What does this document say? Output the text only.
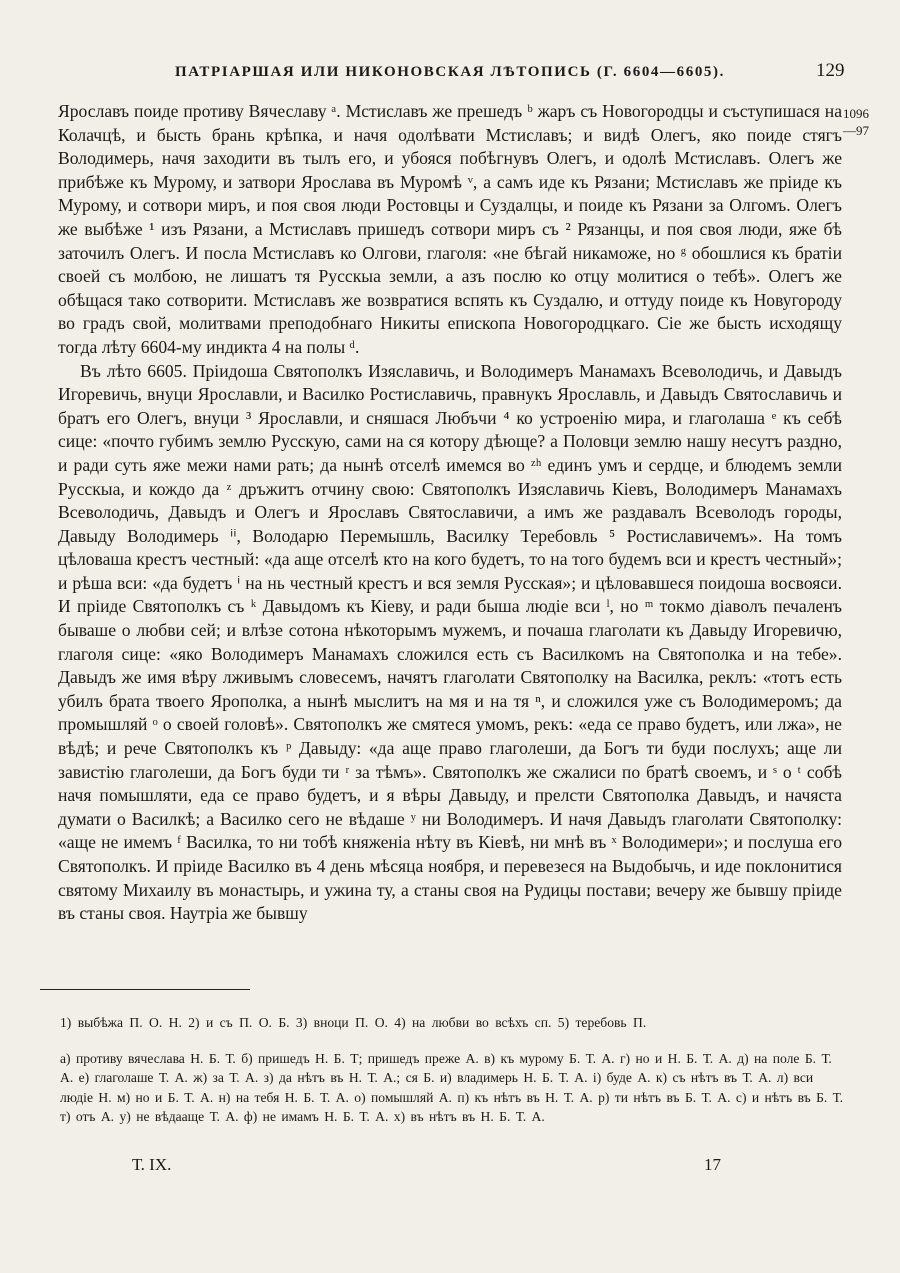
ПАТРІАРШАЯ ИЛИ НИКОНОВСКАЯ ЛѢТОПИСЬ (Г. 6604—6605).	129
1096
—97

Ярославъ поиде противу Вячеславу ᵃ. Мстиславъ же прешедъ ᵇ жаръ съ Новогородцы и съступишася на Колачцѣ, и бысть брань крѣпка, и начя одолѣвати Мстиславъ; и видѣ Олегъ, яко поиде стягъ Володимерь, начя заходити въ тылъ его, и убояся побѣгнувъ Олегъ, и одолѣ Мстиславъ. Олегъ же прибѣже къ Мурому, и затвори Ярослава въ Муромѣ ᵛ, а самъ иде къ Рязани; Мстиславъ же пріиде къ Мурому, и сотвори миръ, и поя своя люди Ростовцы и Суздалцы, и поиде къ Рязани за Олгомъ. Олегъ же выбѣже ¹ изъ Рязани, а Мстиславъ пришедъ сотвори миръ съ ² Рязанцы, и поя своя люди, яже бѣ заточилъ Олегъ. И посла Мстиславъ ко Олгови, глаголя: «не бѣгай никаможе, но ᵍ обошлися къ братіи своей съ молбою, не лишатъ тя Русскыа земли, а азъ послю ко отцу молитися о тебѣ». Олегъ же обѣщася тако сотворити. Мстиславъ же возвратися вспять къ Суздалю, и оттуду поиде къ Новугороду во градъ свой, молитвами преподобнаго Никиты епископа Новогородцкаго. Сіе же бысть исходящу тогда лѣту 6604-му индикта 4 на полы ᵈ.

Въ лѣто 6605. Пріидоша Святополкъ Изяславичь, и Володимеръ Манамахъ Всеволодичь, и Давыдъ Игоревичь, внуци Ярославли, и Василко Ростиславичь, правнукъ Ярославль, и Давыдъ Святославичь и братъ его Олегъ, внуци ³ Ярославли, и сняшася Любъчи ⁴ ко устроенію мира, и глаголаша ᵉ къ себѣ сице: «почто губимъ землю Русскую, сами на ся котору дѣюще? а Половци землю нашу несутъ раздно, и ради суть яже межи нами рать; да нынѣ отселѣ имемся во ᶻʰ единъ умъ и сердце, и блюдемъ земли Русскыа, и кождо да ᶻ дръжитъ отчину свою: Святополкъ Изяславичь Кіевъ, Володимеръ Манамахъ Всеволодичь, Давыдъ и Олегъ и Ярославъ Святославичи, а имъ же раздавалъ Всеволодъ городы, Давыду Володимерь ⁱⁱ, Володарю Перемышль, Василку Теребовль ⁵ Ростиславичемъ». На томъ цѣловаша крестъ честный: «да аще отселѣ кто на кого будетъ, то на того будемъ вси и крестъ честный»; и рѣша вси: «да будетъ ⁱ на нь честный крестъ и вся земля Русская»; и цѣловавшеся поидоша восвояси. И пріиде Святополкъ съ ᵏ Давыдомъ къ Кіеву, и ради быша людіе вси ˡ, но ᵐ токмо діаволъ печаленъ бываше о любви сей; и влѣзе сотона нѣкоторымъ мужемъ, и почаша глаголати къ Давыду Игоревичю, глаголя сице: «яко Володимеръ Манамахъ сложился есть съ Василкомъ на Святополка и на тебе». Давыдъ же имя вѣру лживымъ словесемъ, начятъ глаголати Святополку на Василка, реклъ: «тотъ есть убилъ брата твоего Ярополка, а нынѣ мыслитъ на мя и на тя ⁿ, и сложился уже съ Володимеромъ; да промышляй ᵒ о своей головѣ». Святополкъ же смятеся умомъ, рекъ: «еда се право будетъ, или лжа», не вѣдѣ; и рече Святополкъ къ ᵖ Давыду: «да аще право глаголеши, да Богъ ти буди послухъ; аще ли завистію глаголеши, да Богъ буди ти ʳ за тѣмъ». Святополкъ же сжалиси по братѣ своемъ, и ˢ о ᵗ собѣ начя помышляти, еда се право будетъ, и я вѣры Давыду, и прелсти Святополка Давыдъ, и начяста думати о Василкѣ; а Василко сего не вѣдаше ʸ ни Володимеръ. И начя Давыдъ глаголати Святополку: «аще не имемъ ᶠ Василка, то ни тобѣ княженіа нѣту въ Кіевѣ, ни мнѣ въ ˣ Володимери»; и послуша его Святополкъ. И пріиде Василко въ 4 день мѣсяца ноября, и перевезеся на Выдобычь, и иде поклонитися святому Михаилу въ монастырь, и ужина ту, а станы своя на Рудицы постави; вечеру же бывшу пріиде въ станы своя. Наутріа же бывшу

1) выбѣжа П. О. Н. 2) и съ П. О. Б. 3) вноци П. О. 4) на любви во всѣхъ сп. 5) теребовь П.
а) противу вячеслава Н. Б. Т. б) пришедъ Н. Б. Т; пришедъ преже А. в) къ мурому Б. Т. А. г) но и Н. Б. Т. А. д) на поле Б. Т. А. е) глаголаше Т. А. ж) за Т. А. з) да нѣтъ въ Н. Т. А.; ся Б. и) владимерь Н. Б. Т. А. і) буде А. к) съ нѣтъ въ Т. А. л) вси людіе Н. м) но и Б. Т. А. н) на тебя Н. Б. Т. А. о) помышляй А. п) къ нѣтъ въ Н. Т. А. р) ти нѣтъ въ Б. Т. А. с) и нѣтъ въ Б. Т. т) отъ А. у) не вѣдааще Т. А. ф) не имамъ Н. Б. Т. А. х) въ нѣтъ въ Н. Б. Т. А.
Т. IX.	17
